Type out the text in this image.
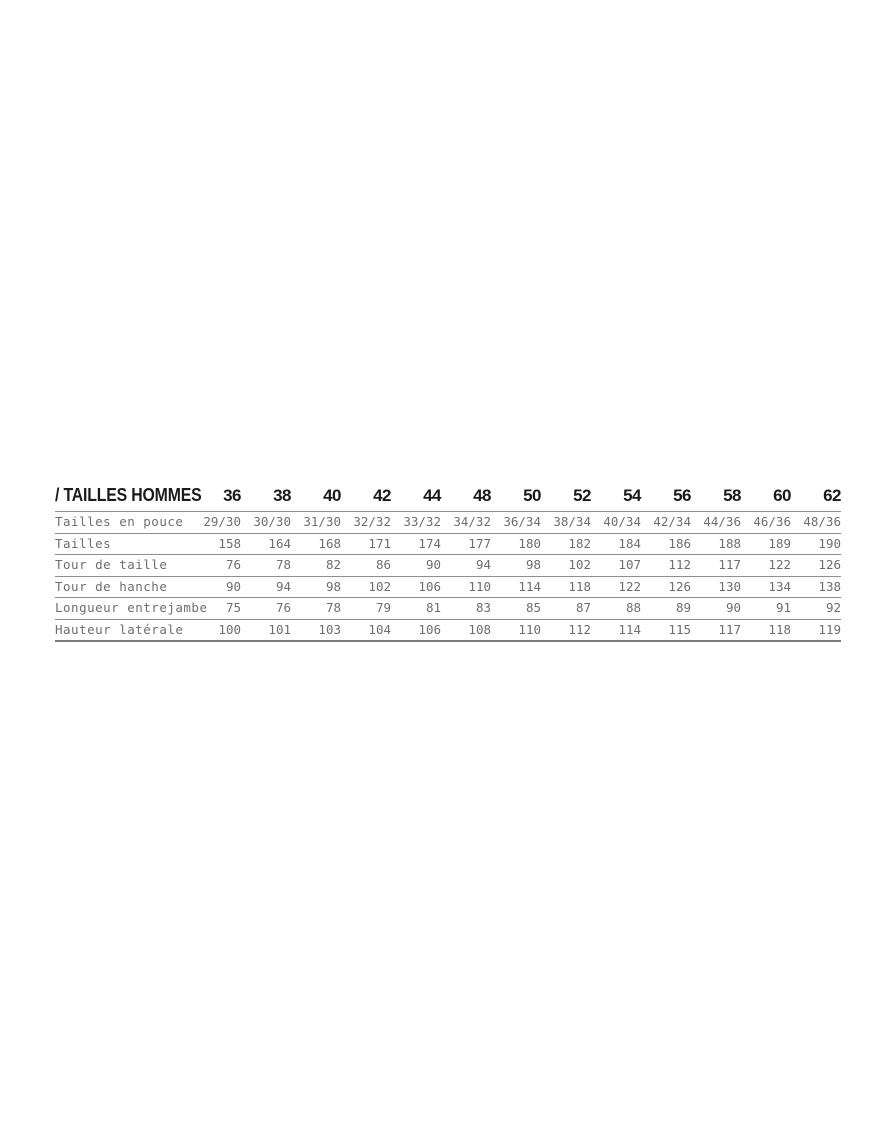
/ TAILLES HOMMES	36	38	40	42	44	48	50	52	54	56	58	60	62
Tailles en pouce	29/30 30/30 31/30 32/32 33/32 34/32 36/34 38/34 40/34 42/34 44/36 46/36 48/36
Tailles	158	164	168	171	174	177	180	182	184	186	188	189	190
Tour de taille	76	78	82	86	90	94	98	102	107	112	117	122	126
Tour de hanche	90	94	98	102	106	110	114	118	122	126	130	134	138
Longueur entrejambe	75	76	78	79	81	83	85	87	88	89	90	91	92
Hauteur latérale	100	101	103	104	106	108	110	112	114	115	117	118	119
